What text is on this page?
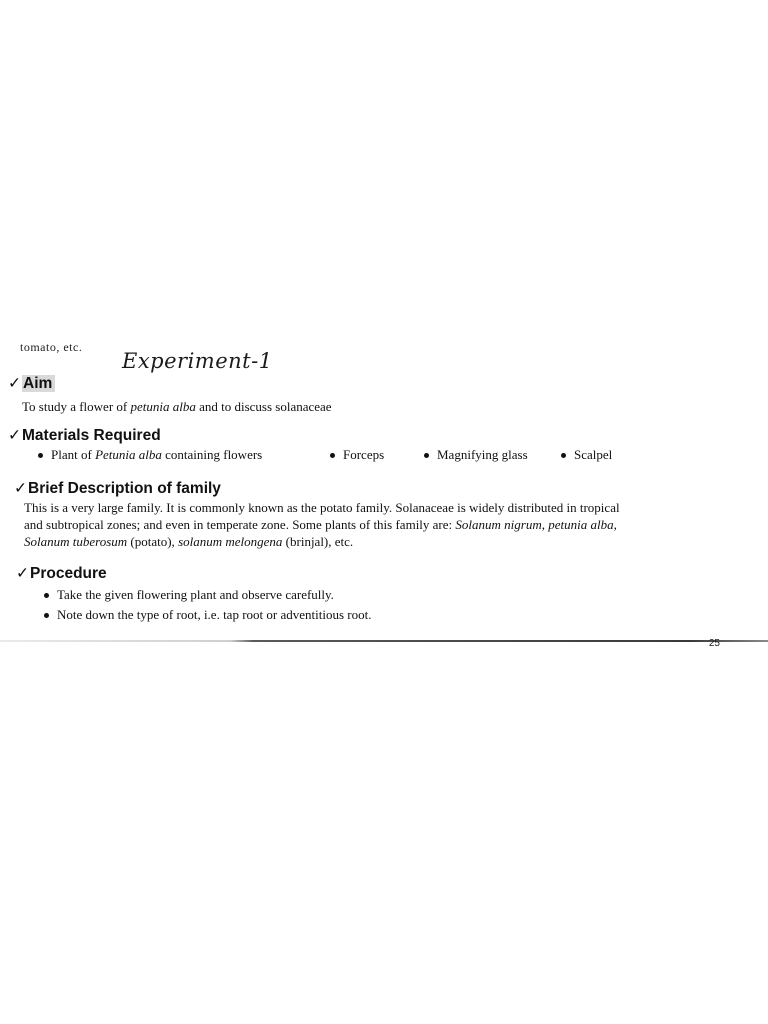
tomato, etc.
Experiment-1
✓ Aim
To study a flower of petunia alba and to discuss solanaceae
✓Materials Required
Plant of Petunia alba containing flowers	Forceps	Magnifying glass	Scalpel
✓Brief Description of family
This is a very large family. It is commonly known as the potato family. Solanaceae is widely distributed in tropical
and subtropical zones; and even in temperate zone. Some plants of this family are: Solanum nigrum, petunia alba,
Solanum tuberosum (potato), solanum melongena (brinjal), etc.
✓Procedure
Take the given flowering plant and observe carefully.
Note down the type of root, i.e. tap root or adventitious root.
25
